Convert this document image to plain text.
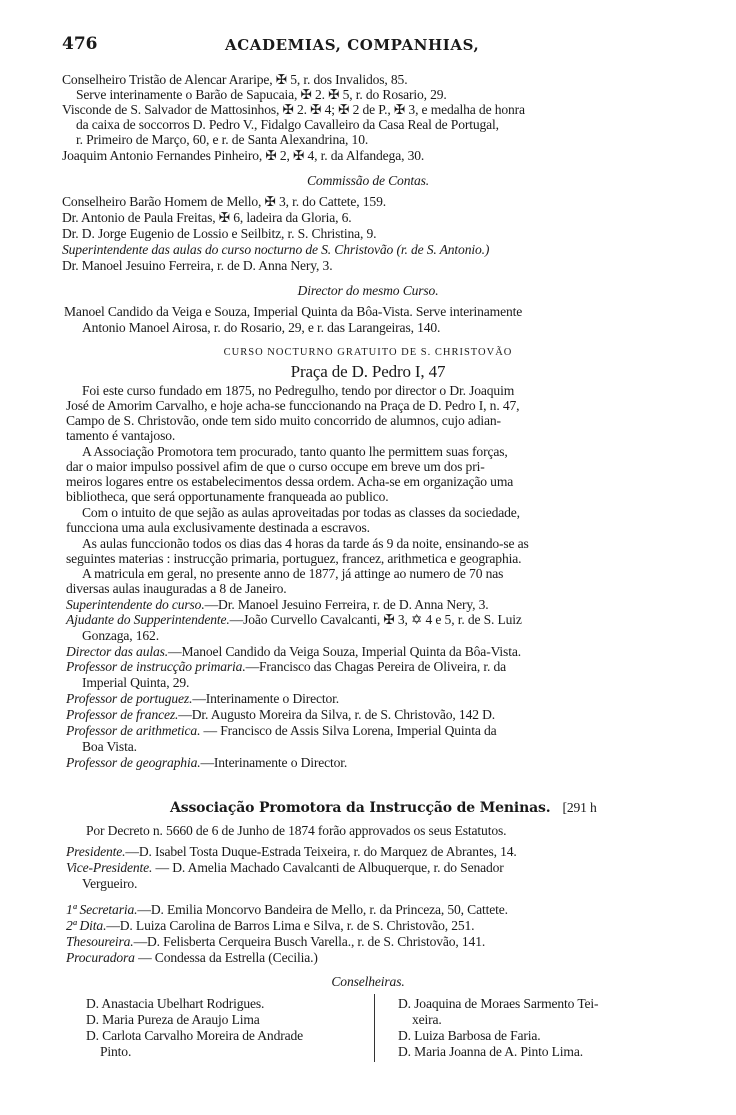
476	ACADEMIAS, COMPANHIAS,
Conselheiro Tristão de Alencar Araripe, ✠ 5, r. dos Invalidos, 85.
Serve interinamente o Barão de Sapucaia, ✠ 2. ✠ 5, r. do Rosario, 29.
Visconde de S. Salvador de Mattosinhos, ✠ 2. ✠ 4; ✠ 2 de P., ✠ 3, e medalha de honra
da caixa de soccorros D. Pedro V., Fidalgo Cavalleiro da Casa Real de Portugal,
r. Primeiro de Março, 60, e r. de Santa Alexandrina, 10.
Joaquim Antonio Fernandes Pinheiro, ✠ 2, ✠ 4, r. da Alfandega, 30.
Commissão de Contas.
Conselheiro Barão Homem de Mello, ✠ 3, r. do Cattete, 159.
Dr. Antonio de Paula Freitas, ✠ 6, ladeira da Gloria, 6.
Dr. D. Jorge Eugenio de Lossio e Seilbitz, r. S. Christina, 9.
Superintendente das aulas do curso nocturno de S. Christovão (r. de S. Antonio.)
Dr. Manoel Jesuino Ferreira, r. de D. Anna Nery, 3.
Director do mesmo Curso.
Manoel Candido da Veiga e Souza, Imperial Quinta da Bôa-Vista. Serve interinamente
Antonio Manoel Airosa, r. do Rosario, 29, e r. das Larangeiras, 140.
CURSO NOCTURNO GRATUITO DE S. CHRISTOVÃO
Praça de D. Pedro I, 47
Foi este curso fundado em 1875, no Pedregulho, tendo por director o Dr. Joaquim
José de Amorim Carvalho, e hoje acha-se funccionando na Praça de D. Pedro I, n. 47,
Campo de S. Christovão, onde tem sido muito concorrido de alumnos, cujo adian-
tamento é vantajoso.
A Associação Promotora tem procurado, tanto quanto lhe permittem suas forças,
dar o maior impulso possivel afim de que o curso occupe em breve um dos pri-
meiros logares entre os estabelecimentos dessa ordem. Acha-se em organização uma
bibliotheca, que será opportunamente franqueada ao publico.
Com o intuito de que sejão as aulas aproveitadas por todas as classes da sociedade,
funcciona uma aula exclusivamente destinada a escravos.
As aulas funccionão todos os dias das 4 horas da tarde ás 9 da noite, ensinando-se as
seguintes materias : instrucção primaria, portuguez, francez, arithmetica e geographia.
A matricula em geral, no presente anno de 1877, já attinge ao numero de 70 nas
diversas aulas inauguradas a 8 de Janeiro.
Superintendente do curso.—Dr. Manoel Jesuino Ferreira, r. de D. Anna Nery, 3.
Ajudante do Supperintendente.—João Curvello Cavalcanti, ✠ 3, ✡ 4 e 5, r. de S. Luiz
Gonzaga, 162.
Director das aulas.—Manoel Candido da Veiga Souza, Imperial Quinta da Bôa-Vista.
Professor de instrucção primaria.—Francisco das Chagas Pereira de Oliveira, r. da
Imperial Quinta, 29.
Professor de portuguez.—Interinamente o Director.
Professor de francez.—Dr. Augusto Moreira da Silva, r. de S. Christovão, 142 D.
Professor de arithmetica. — Francisco de Assis Silva Lorena, Imperial Quinta da
Boa Vista.
Professor de geographia.—Interinamente o Director.
Associação Promotora da Instrucção de Meninas. [291 h
Por Decreto n. 5660 de 6 de Junho de 1874 forão approvados os seus Estatutos.
Presidente.—D. Isabel Tosta Duque-Estrada Teixeira, r. do Marquez de Abrantes, 14.
Vice-Presidente. — D. Amelia Machado Cavalcanti de Albuquerque, r. do Senador
Vergueiro.
1ª Secretaria.—D. Emilia Moncorvo Bandeira de Mello, r. da Princeza, 50, Cattete.
2ª Dita.—D. Luiza Carolina de Barros Lima e Silva, r. de S. Christovão, 251.
Thesoureira.—D. Felisberta Cerqueira Busch Varella., r. de S. Christovão, 141.
Procuradora — Condessa da Estrella (Cecilia.)
Conselheiras.
D. Anastacia Ubelhart Rodrigues.
D. Maria Pureza de Araujo Lima
D. Carlota Carvalho Moreira de Andrade
Pinto.
D. Joaquina de Moraes Sarmento Tei-
xeira.
D. Luiza Barbosa de Faria.
D. Maria Joanna de A. Pinto Lima.
